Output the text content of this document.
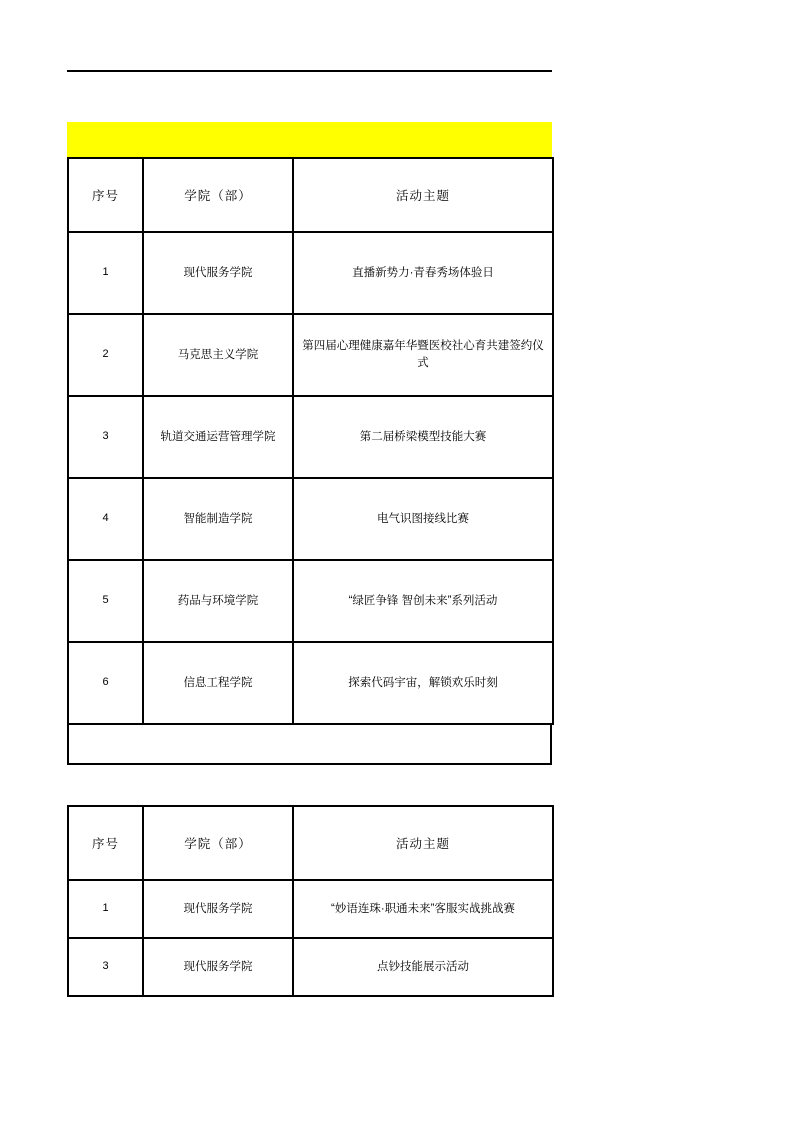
序号	学院（部）	活动主题
1	现代服务学院	直播新势力·青春秀场体验日
2	马克思主义学院	第四届心理健康嘉年华暨医校社心育共建签约仪式
3	轨道交通运营管理学院	第二届桥梁模型技能大赛
4	智能制造学院	电气识图接线比赛
5	药品与环境学院	“绿匠争锋 智创未来”系列活动
6	信息工程学院	探索代码宇宙，解锁欢乐时刻
序号	学院（部）	活动主题
1	现代服务学院	“妙语连珠·职通未来”客服实战挑战赛
3	现代服务学院	点钞技能展示活动
